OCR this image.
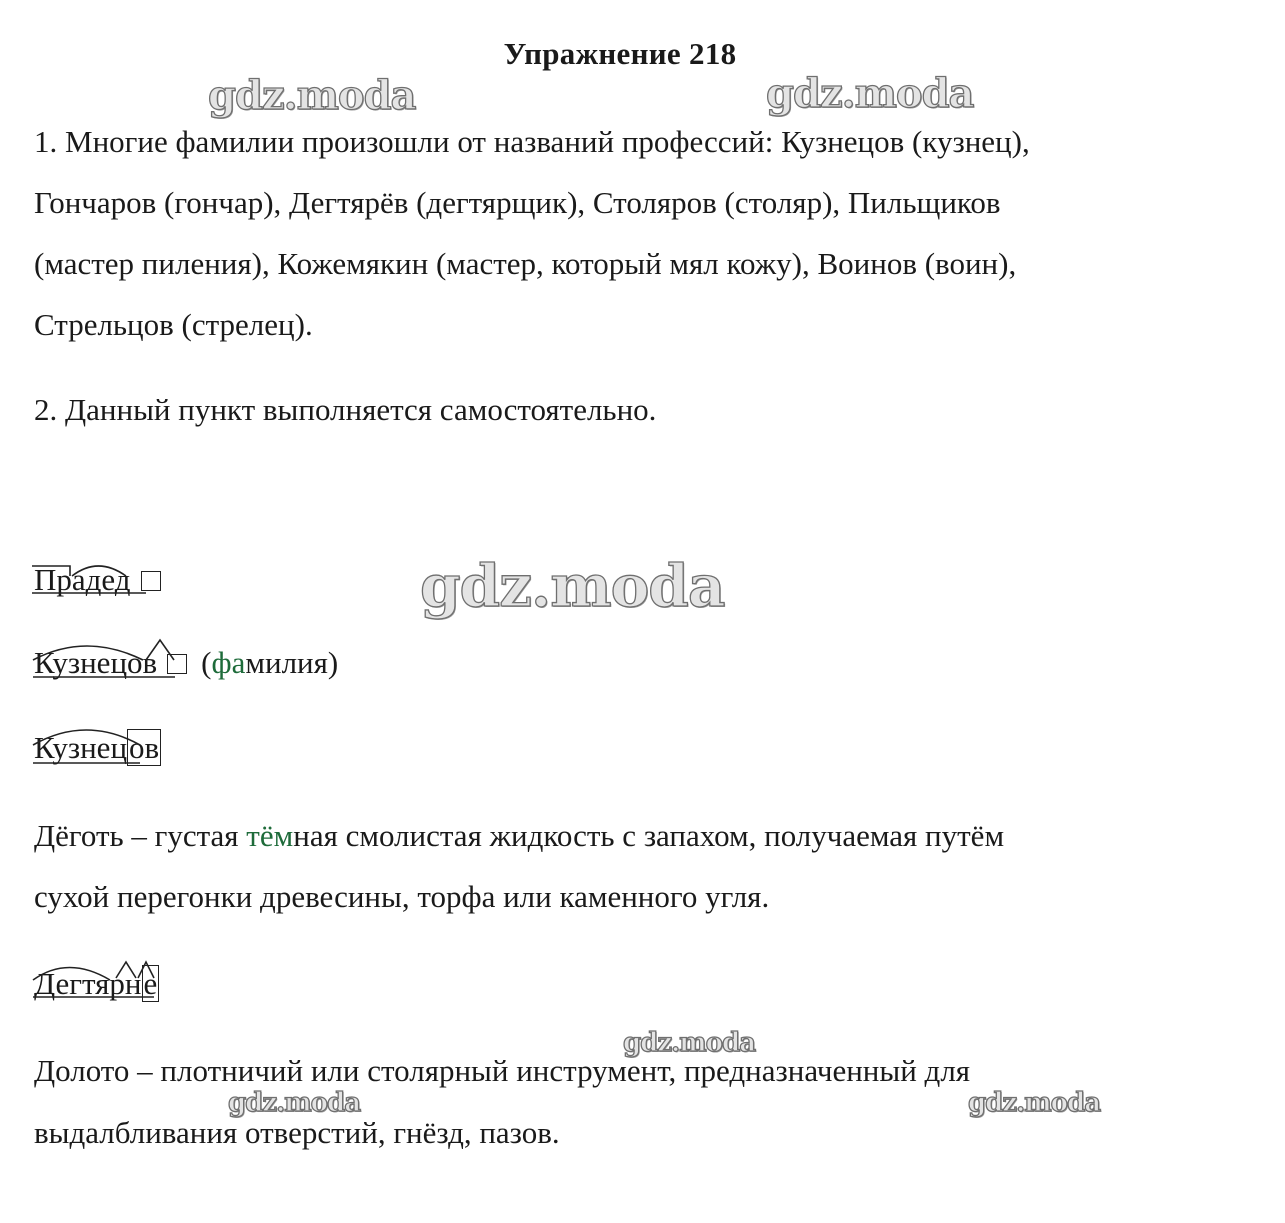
Упражнение 218
gdz.moda	gdz.moda
1. Многие фамилии произошли от названий профессий: Кузнецов (кузнец),
Гончаров (гончар), Дегтярёв (дегтярщик), Столяров (столяр), Пильщиков
(мастер пиления), Кожемякин (мастер, который мял кожу), Воинов (воин),
Стрельцов (стрелец).
2. Данный пункт выполняется самостоятельно.
gdz.moda
Прадед
Кузнецов (фамилия)
Кузнецов
Дёготь – густая тёмная смолистая жидкость с запахом, получаемая путём
сухой перегонки древесины, торфа или каменного угля.
Дегтярне
gdz.moda
Долото – плотничий или столярный инструмент, предназначенный для
выдалбливания отверстий, гнёзд, пазов.
gdz.moda	gdz.moda
